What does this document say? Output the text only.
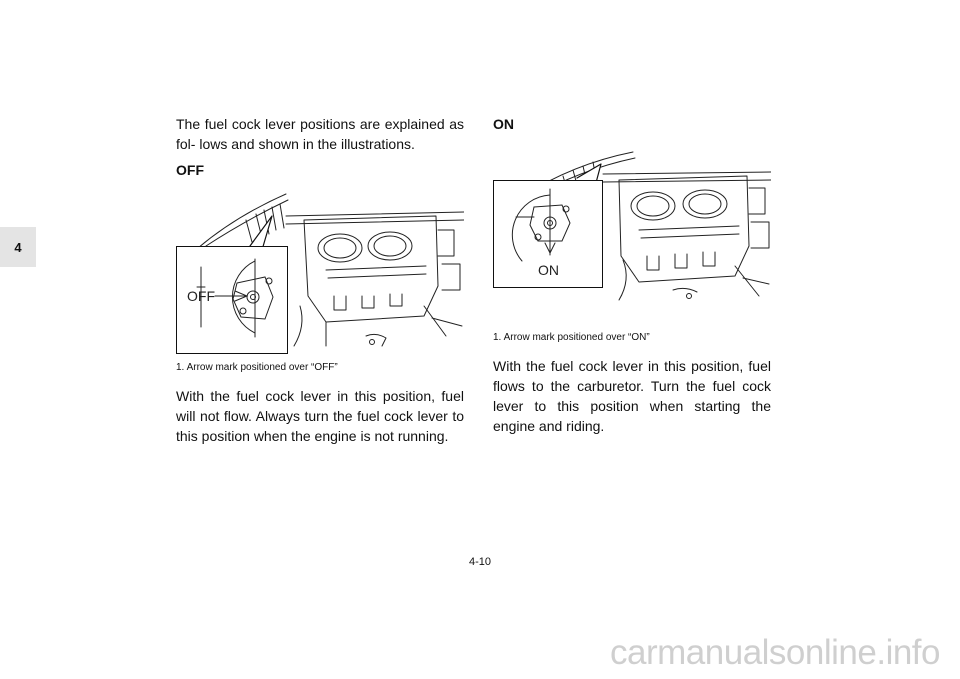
4

The fuel cock lever positions are explained as fol- lows and shown in the illustrations.

OFF

OFF

1. Arrow mark positioned over “OFF”

With the fuel cock lever in this position, fuel will not flow. Always turn the fuel cock lever to this position when the engine is not running.

ON

ON

1. Arrow mark positioned over “ON”

With the fuel cock lever in this position, fuel flows to the carburetor. Turn the fuel cock lever to this position when starting the engine and riding.

4-10
carmanualsonline.info
